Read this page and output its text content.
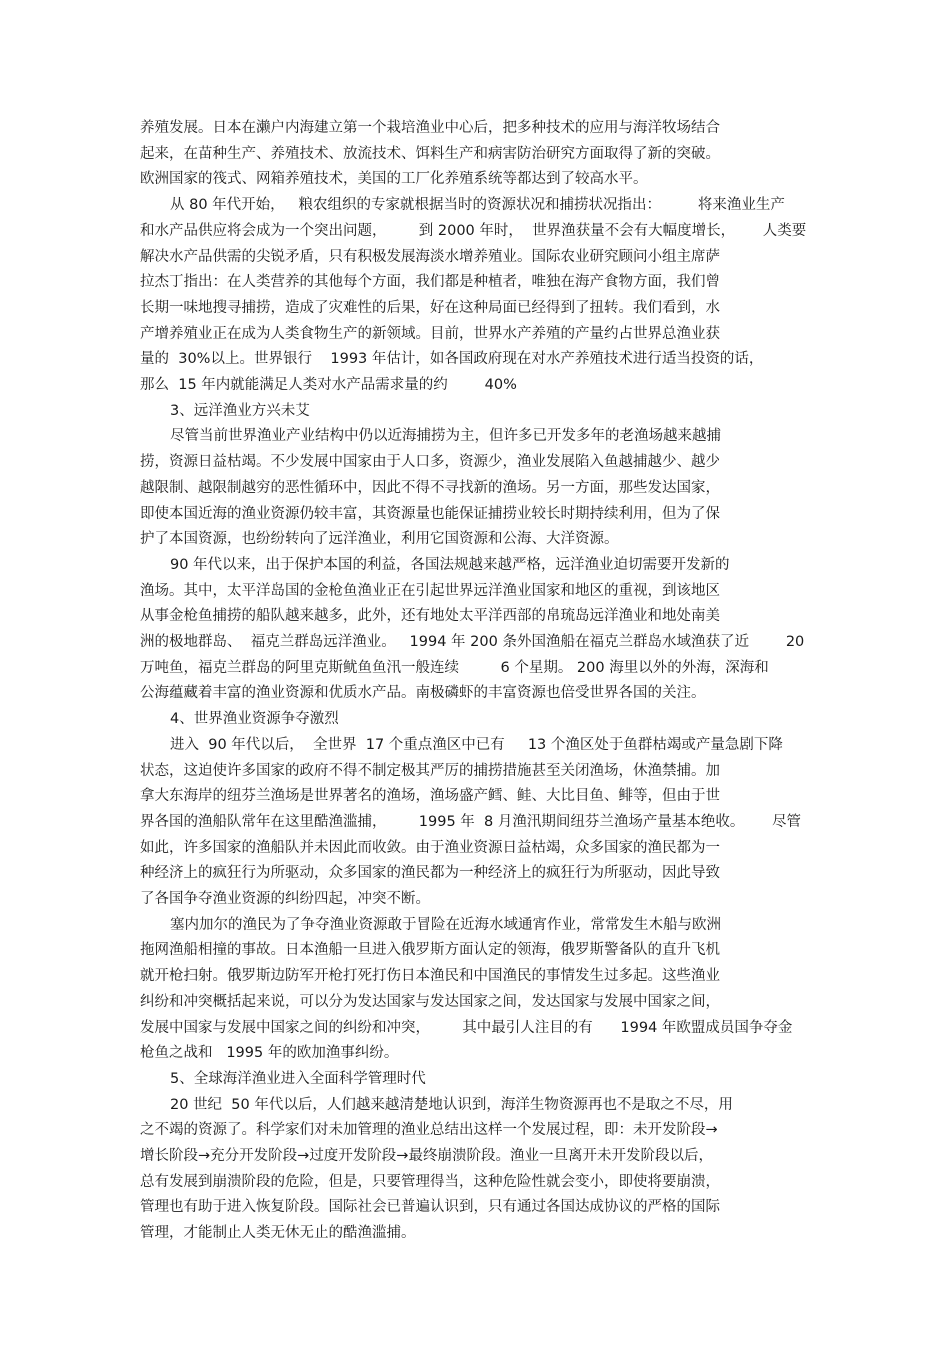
养殖发展。日本在濑户内海建立第一个栽培渔业中心后，把多种技术的应用与海洋牧场结合
起来，在苗种生产、养殖技术、放流技术、饵料生产和病害防治研究方面取得了新的突破。
欧洲国家的筏式、网箱养殖技术，美国的工厂化养殖系统等都达到了较高水平。
从 80 年代开始，   粮农组织的专家就根据当时的资源状况和捕捞状况指出：        将来渔业生产
和水产品供应将会成为一个突出问题，       到 2000 年时，  世界渔获量不会有大幅度增长，      人类要
解决水产品供需的尖锐矛盾，只有积极发展海淡水增养殖业。国际农业研究顾问小组主席萨
拉杰丁指出：在人类营养的其他每个方面，我们都是种植者，唯独在海产食物方面，我们曾
长期一味地搜寻捕捞，造成了灾难性的后果，好在这种局面已经得到了扭转。我们看到，水
产增养殖业正在成为人类食物生产的新领域。目前，世界水产养殖的产量约占世界总渔业获
量的  30%以上。世界银行    1993 年估计，如各国政府现在对水产养殖技术进行适当投资的话，
那么  15 年内就能满足人类对水产品需求量的约        40%
3、远洋渔业方兴未艾
尽管当前世界渔业产业结构中仍以近海捕捞为主，但许多已开发多年的老渔场越来越捕
捞，资源日益枯竭。不少发展中国家由于人口多，资源少，渔业发展陷入鱼越捕越少、越少
越限制、越限制越穷的恶性循环中，因此不得不寻找新的渔场。另一方面，那些发达国家，
即使本国近海的渔业资源仍较丰富，其资源量也能保证捕捞业较长时期持续利用，但为了保
护了本国资源，也纷纷转向了远洋渔业，利用它国资源和公海、大洋资源。
90 年代以来，出于保护本国的利益，各国法规越来越严格，远洋渔业迫切需要开发新的
渔场。其中，太平洋岛国的金枪鱼渔业正在引起世界远洋渔业国家和地区的重视，到该地区
从事金枪鱼捕捞的船队越来越多，此外，还有地处太平洋西部的帛琉岛远洋渔业和地处南美
洲的极地群岛、  福克兰群岛远洋渔业。   1994 年 200 条外国渔船在福克兰群岛水域渔获了近        20
万吨鱼，福克兰群岛的阿里克斯鱿鱼鱼汛一般连续         6 个星期。 200 海里以外的外海，深海和
公海蕴藏着丰富的渔业资源和优质水产品。南极磷虾的丰富资源也倍受世界各国的关注。
4、世界渔业资源争夺激烈
进入  90 年代以后，  全世界  17 个重点渔区中已有     13 个渔区处于鱼群枯竭或产量急剧下降
状态，这迫使许多国家的政府不得不制定极其严厉的捕捞措施甚至关闭渔场，休渔禁捕。加
拿大东海岸的纽芬兰渔场是世界著名的渔场，渔场盛产鳕、鲑、大比目鱼、鲱等，但由于世
界各国的渔船队常年在这里酷渔滥捕，       1995 年  8 月渔汛期间纽芬兰渔场产量基本绝收。      尽管
如此，许多国家的渔船队并未因此而收敛。由于渔业资源日益枯竭，众多国家的渔民都为一
种经济上的疯狂行为所驱动，众多国家的渔民都为一种经济上的疯狂行为所驱动，因此导致
了各国争夺渔业资源的纠纷四起，冲突不断。
塞内加尔的渔民为了争夺渔业资源敢于冒险在近海水域通宵作业，常常发生木船与欧洲
拖网渔船相撞的事故。日本渔船一旦进入俄罗斯方面认定的领海，俄罗斯警备队的直升飞机
就开枪扫射。俄罗斯边防军开枪打死打伤日本渔民和中国渔民的事情发生过多起。这些渔业
纠纷和冲突概括起来说，可以分为发达国家与发达国家之间，发达国家与发展中国家之间，
发展中国家与发展中国家之间的纠纷和冲突，       其中最引人注目的有      1994 年欧盟成员国争夺金
枪鱼之战和   1995 年的欧加渔事纠纷。
5、全球海洋渔业进入全面科学管理时代
20 世纪  50 年代以后，人们越来越清楚地认识到，海洋生物资源再也不是取之不尽，用
之不竭的资源了。科学家们对未加管理的渔业总结出这样一个发展过程，即：未开发阶段→
增长阶段→充分开发阶段→过度开发阶段→最终崩溃阶段。渔业一旦离开未开发阶段以后，
总有发展到崩溃阶段的危险，但是，只要管理得当，这种危险性就会变小，即使将要崩溃，
管理也有助于进入恢复阶段。国际社会已普遍认识到，只有通过各国达成协议的严格的国际
管理，才能制止人类无休无止的酷渔滥捕。
